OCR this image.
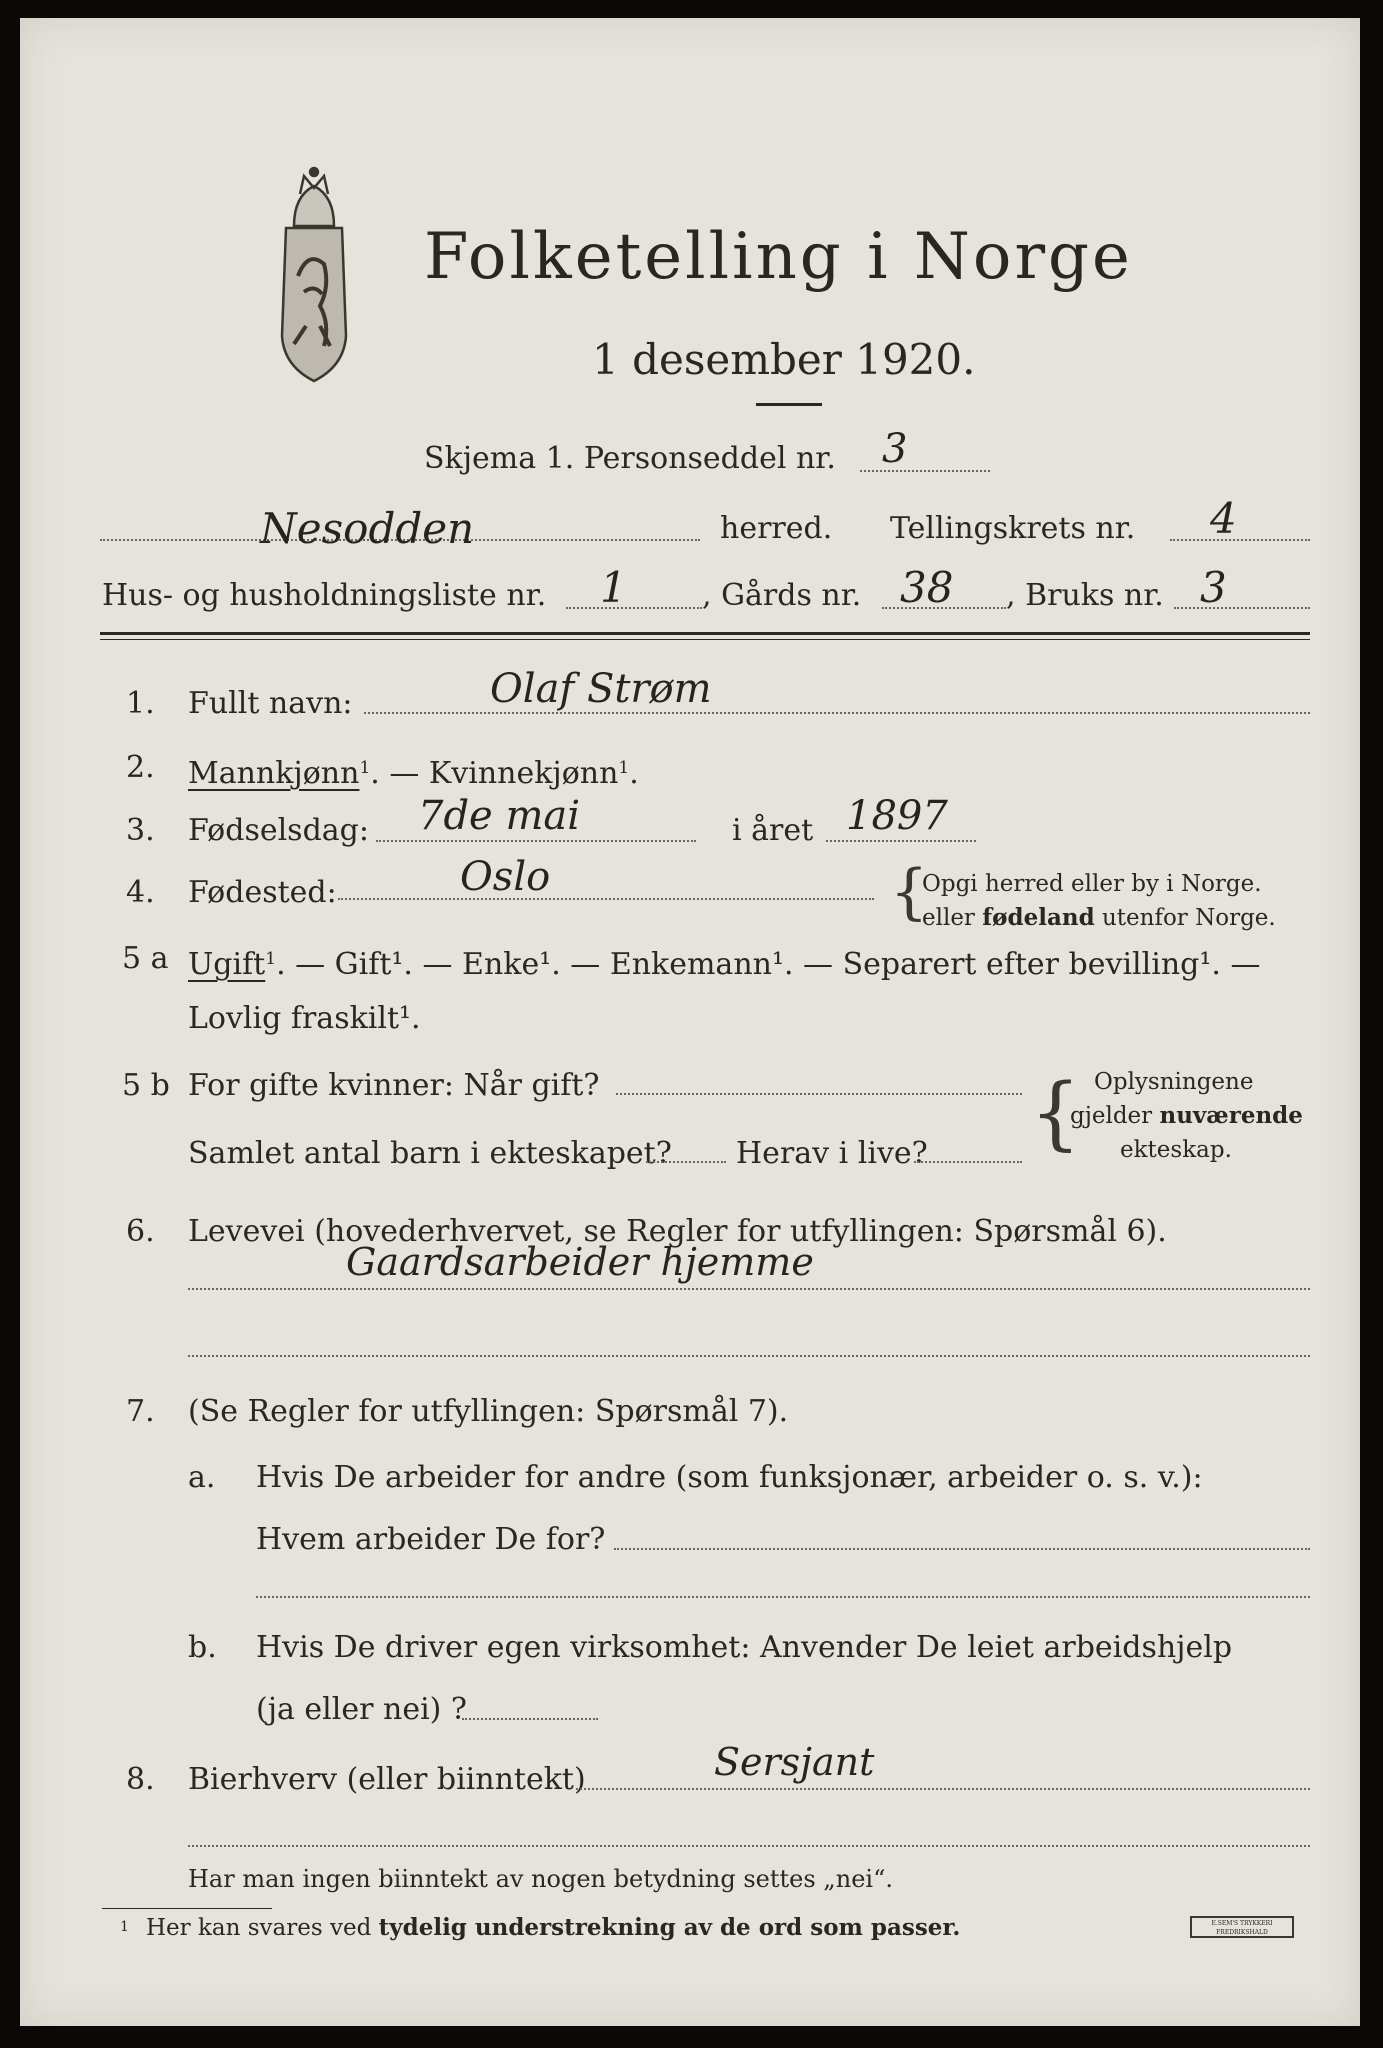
Folketelling i Norge
1 desember 1920.
Skjema 1. Personseddel nr. 3
Nesodden	herred. Tellingskrets nr. 4
Hus- og husholdningsliste nr. 1	, Gårds nr. 38 , Bruks nr. 3
1. Fullt navn:	Olaf Strøm
2. Mannkjønn$^1$. — Kvinnekjønn$^1$.
3. Fødselsdag: 7de mai	i året 1897
4. Fødested:	Oslo	{
Opgi herred eller by i Norge.
eller fødeland utenfor Norge.
5 a Ugift$^1$. — Gift¹. — Enke¹. — Enkemann¹. — Separert efter bevilling¹. —
Lovlig fraskilt¹.
5 b For gifte kvinner: Når gift?
Samlet antal barn i ekteskapet? Herav i live? { Oplysningene
gjelder nuværende
ekteskap.
6. Levevei (hovederhvervet, se Regler for utfyllingen: Spørsmål 6).
Gaardsarbeider hjemme
7. (Se Regler for utfyllingen: Spørsmål 7).
a. Hvis De arbeider for andre (som funksjonær, arbeider o. s. v.):
Hvem arbeider De for?
b. Hvis De driver egen virksomhet: Anvender De leiet arbeidshjelp
(ja eller nei) ?
8. Bierhverv (eller biinntekt)	Sersjant
Har man ingen biinntekt av nogen betydning settes „nei“.
1 Her kan svares ved tydelig understrekning av de ord som passer.	E.SEM'S TRYKKERI FREDRIKSHALD
